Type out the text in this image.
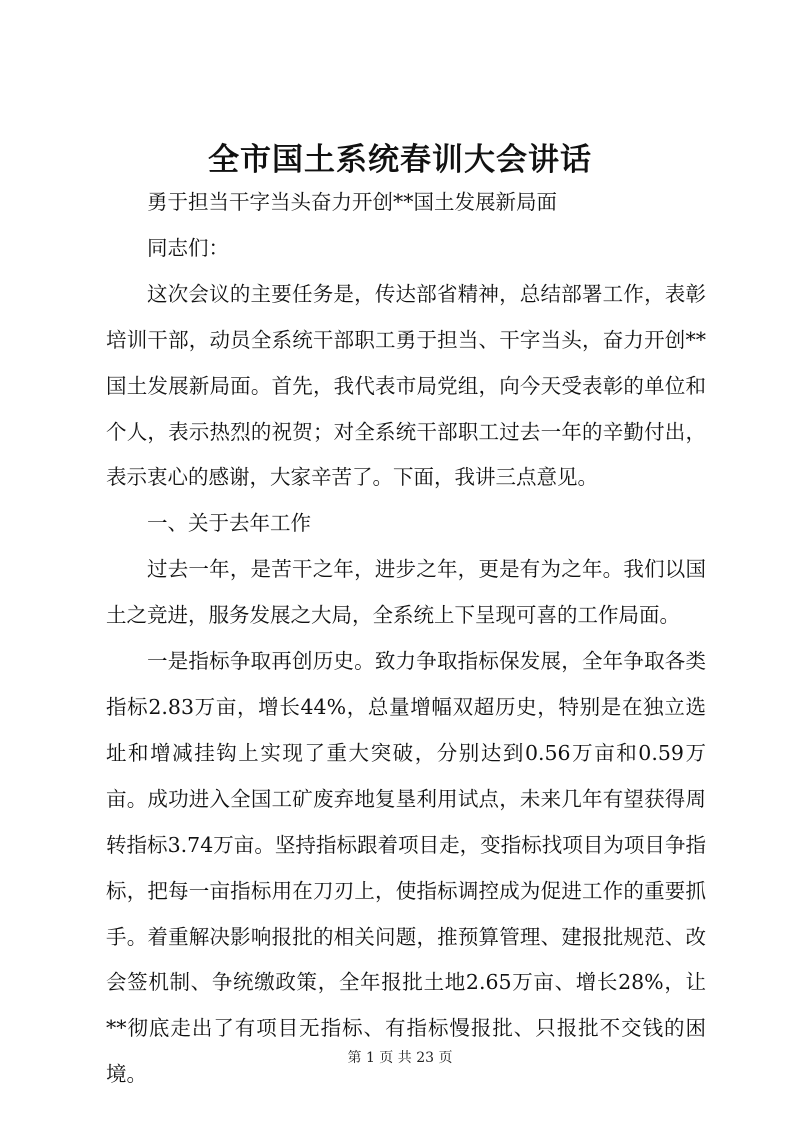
全市国土系统春训大会讲话

勇于担当干字当头奋力开创**国土发展新局面

同志们：

这次会议的主要任务是，传达部省精神，总结部署工作，表彰培训干部，动员全系统干部职工勇于担当、干字当头，奋力开创**国土发展新局面。首先，我代表市局党组，向今天受表彰的单位和个人，表示热烈的祝贺；对全系统干部职工过去一年的辛勤付出，表示衷心的感谢，大家辛苦了。下面，我讲三点意见。

一、关于去年工作

过去一年，是苦干之年，进步之年，更是有为之年。我们以国土之竞进，服务发展之大局，全系统上下呈现可喜的工作局面。

一是指标争取再创历史。致力争取指标保发展，全年争取各类指标2.83万亩，增长44%，总量增幅双超历史，特别是在独立选址和增减挂钩上实现了重大突破，分别达到0.56万亩和0.59万亩。成功进入全国工矿废弃地复垦利用试点，未来几年有望获得周转指标3.74万亩。坚持指标跟着项目走，变指标找项目为项目争指标，把每一亩指标用在刀刃上，使指标调控成为促进工作的重要抓手。着重解决影响报批的相关问题，推预算管理、建报批规范、改会签机制、争统缴政策，全年报批土地2.65万亩、增长28%，让**彻底走出了有项目无指标、有指标慢报批、只报批不交钱的困境。

第 1 页 共 23 页
